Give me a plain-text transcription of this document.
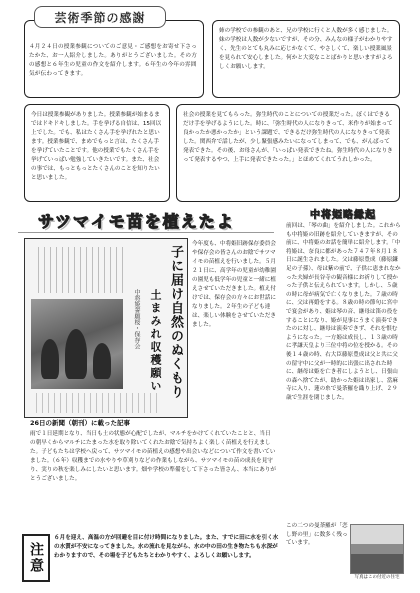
４月２４日の授業参観についてのご意見・ご感想をお寄せ下さったかた、お一人紹介しました。ありがとうございました。その方の感想と６年生の児童の作文を紹介します。６年生の今年の雰囲気が伝わってきます。
芸術季節の感謝
姉の学校での参観のあと、兄の学校に行くと人数が多く感じました。妹の学校は人数が少ないですが、その分、みんなの様子がわかりやすく、先生のとても丸みに応じかなくて、やさしくて、楽しい授業風景を見られて安心しました。何かと大変なことばかりと思いますがよろしくお願いします。
今日は授業参観がありました。授業参観が始まるまではドキドキしました。手を挙げる自信は、15回以上でした。でも、私はたくさん手を挙げれたと思います。授業参観で、まめでもっと言は、たくさん手を挙げていたことです。他の授業でもたくさん手を挙げていっぱい勉強していきたいです。また、社会の事では、もっともっとたくさんのことを知りたいと思いました。
社会の授業を見てもらった。弥生時代のことについての授業だった。ぼくはできるだけ手を挙げるようにした。時に、「弥生時代の人になりきって、米作りが始まって良かったか悪かったか」という課題で、できるだけ弥生時代の人になりきって発表した。関西弁で話したが、少し緊張感みたいになってしまって、でも、がんばって発表できた。その後、お母さんが、「いっぱい発表できたね。弥生時代の人になりきって発表するやつ、上手に発表できたった。」とほめてくれてうれしかった。
サツマイモ苗を植えたよ
中将姫誓願桜・保存会 土まみれ収穫願い 子に届け自然のぬくもり
26日の新聞（朝刊）に載った記事
今年度も、中将姫旧跡保存委員会や保存会の皆さんのお陰でサツマイモの苗植えを行いました。５月２１日に、高学年の児童が幼稚園の園児も低学年の児童と一緒に植えさせていただきました。植え付けでは、保存会の方々にお世話になりました。２年生の子ども達は、楽しい体験をさせていただきました。
雨で１日延期となり、当日も土の状態が心配でしたが、マルチをかけてくれていたことと、当日の朝早くからマルチにたまった水を取り除いてくれたお陰で気持ちよく楽しく苗植えを行えました。子どもたちは学校へ戻って、サツマイモの苗植えの感想や出会いなどについて作文を書いていました。（６年）収穫までの水やりや草刈りなどの作業もしながら、サツマイモの苗の成長を見守り、実りの秋を楽しみにしたいと思います。畑や学校の準備をして下さった皆さん、本当にありがとうございました。
中将姫略縁起
前回は、「琴の曲」を紹介しました。これからも中将姫の旧跡を紹介していきますが、その前に、中将姫のお話を簡単に紹介します。「中将姫は、奈良に都があった７４７年８月１８日に誕生されました。父は藤原豊成（藤原鎌足の子孫）、母は紫の前で、子供に恵まれなかった夫婦が長谷寺の観音様にお祈りして授かった子供と伝えられています。しかし、５歳の時に母が病気で亡くなりました。７歳の時に、父は再婚をする。８歳の時の節句に宮中で宴会があり、姫は琴の音、継母は笛の役をすることになり、姫が見事にうまく演奏できたのに対し、継母は演奏できず、それを恨むようになった。一方姫は成長し、１３歳の時に孝謙天皇より三位中将の位を授かる。その後１４歳の時、右大臣藤原豊成は父と共に父の留守中に父が一時的に出張に出された時に、継母は姫を亡き者にしようとし、日張山の森へ捨てたが、助かった姫は出家し、當麻寺に入り、蓮の糸で曼荼羅を織り上げ、２９歳で生涯を閉じました。
この二つの曼荼羅が「恋し野の里」に数多く残っています。
写真はこの付近の住宅
注意
６月を迎え、高温の方が回避を目に付け時間になりました。また、すでに田に水を引く水の水質が不安になってきました。水の流れを見ながら、水の中の田の生き物たちも水深がわかりますので、その場を子どもたちとわかりやすく、よろしくお願いします。
